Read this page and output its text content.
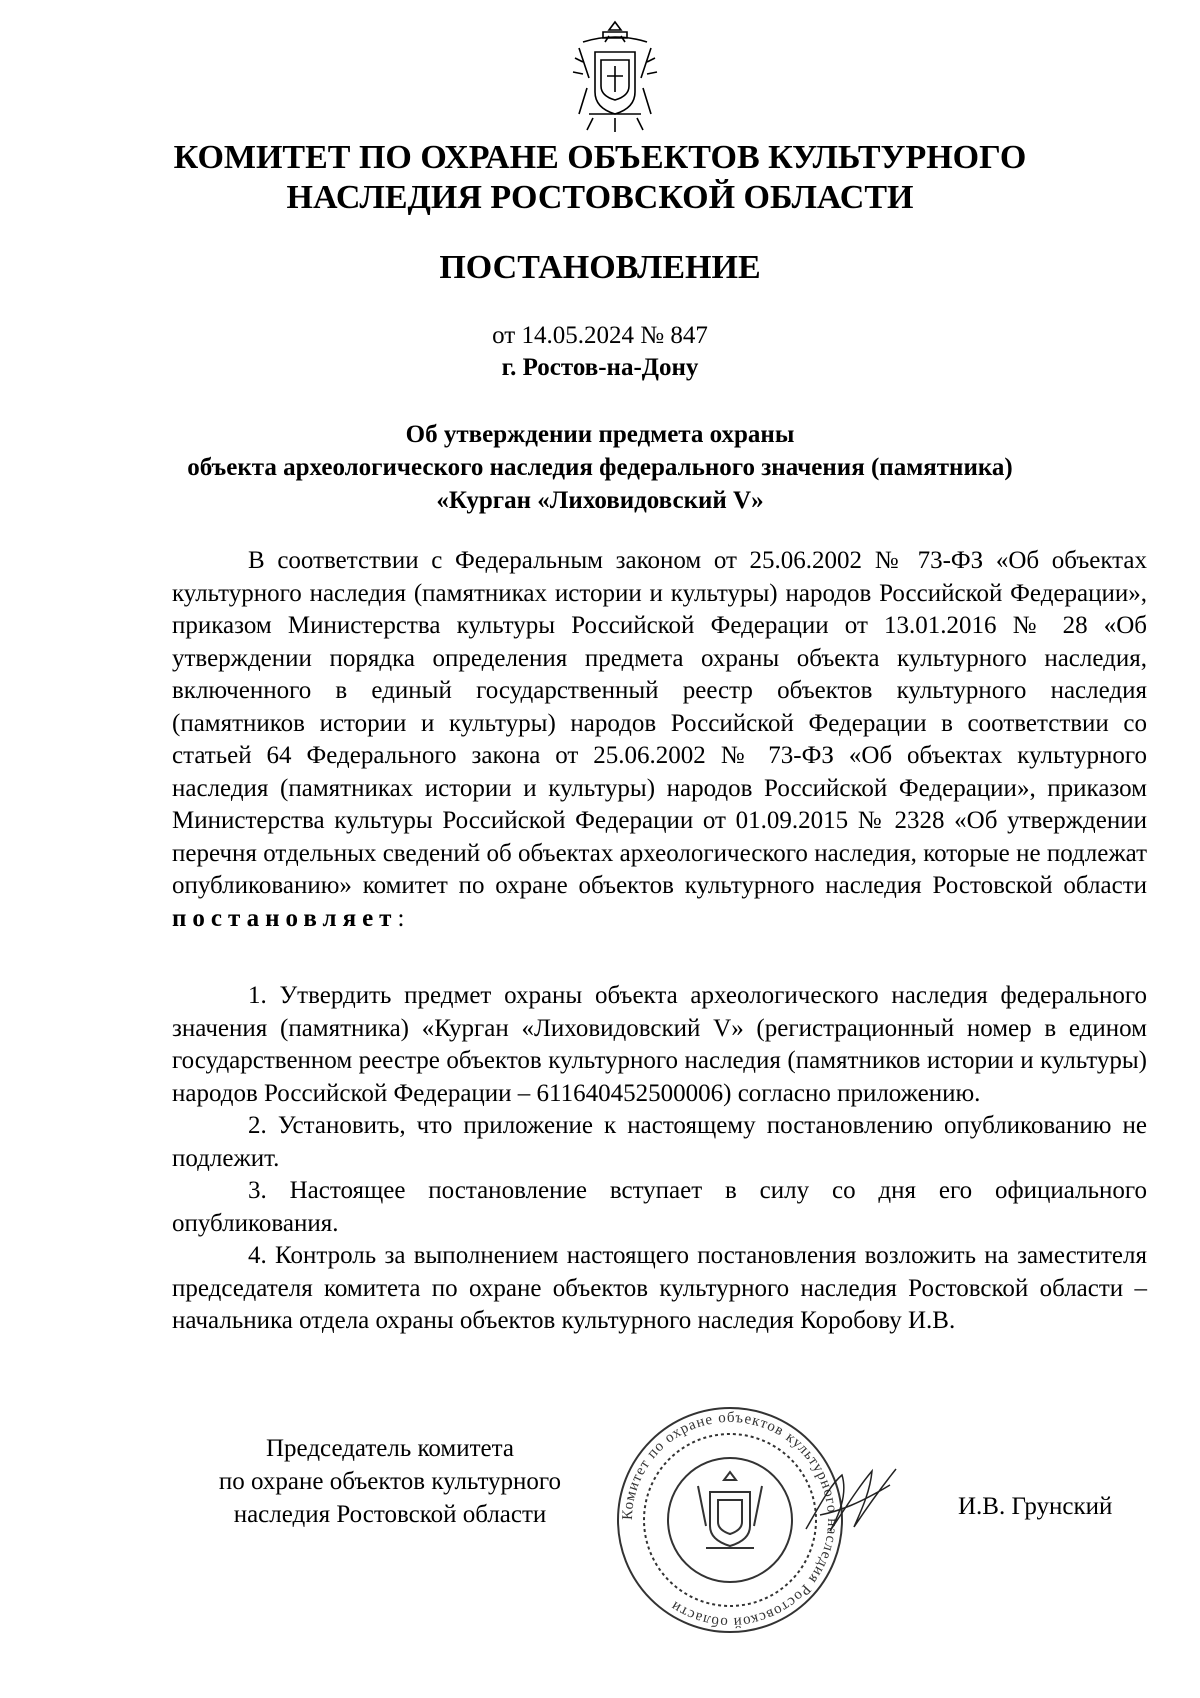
КОМИТЕТ ПО ОХРАНЕ ОБЪЕКТОВ КУЛЬТУРНОГО
НАСЛЕДИЯ РОСТОВСКОЙ ОБЛАСТИ
ПОСТАНОВЛЕНИЕ
от 14.05.2024 № 847
г. Ростов-на-Дону
Об утверждении предмета охраны
объекта археологического наследия федерального значения (памятника)
«Курган «Лиховидовский V»
В соответствии с Федеральным законом от 25.06.2002 № 73-ФЗ «Об объектах культурного наследия (памятниках истории и культуры) народов Российской Федерации», приказом Министерства культуры Российской Федерации от 13.01.2016 № 28 «Об утверждении порядка определения предмета охраны объекта культурного наследия, включенного в единый государственный реестр объектов культурного наследия (памятников истории и культуры) народов Российской Федерации в соответствии со статьей 64 Федерального закона от 25.06.2002 № 73-ФЗ «Об объектах культурного наследия (памятниках истории и культуры) народов Российской Федерации», приказом Министерства культуры Российской Федерации от 01.09.2015 № 2328 «Об утверждении перечня отдельных сведений об объектах археологического наследия, которые не подлежат опубликованию» комитет по охране объектов культурного наследия Ростовской области постановляет:

1. Утвердить предмет охраны объекта археологического наследия федерального значения (памятника) «Курган «Лиховидовский V» (регистрационный номер в едином государственном реестре объектов культурного наследия (памятников истории и культуры) народов Российской Федерации – 611640452500006) согласно приложению.

2. Установить, что приложение к настоящему постановлению опубликованию не подлежит.

3. Настоящее постановление вступает в силу со дня его официального опубликования.

4. Контроль за выполнением настоящего постановления возложить на заместителя председателя комитета по охране объектов культурного наследия Ростовской области – начальника отдела охраны объектов культурного наследия Коробову И.В.

Председатель комитета
по охране объектов культурного
наследия Ростовской области	Комитет по охране объектов культурного наследия Ростовской области
И.В. Грунский
